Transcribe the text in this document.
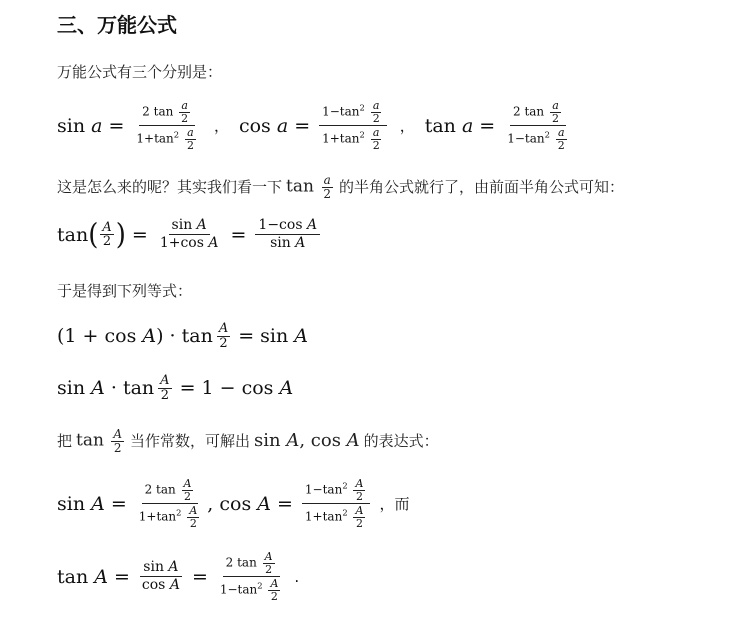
三、万能公式
万能公式有三个分别是：
sin
$a = \frac{2 \tan \frac{a}{2}}{1+\tan^2 \frac{a}{2}}$ ， cos
$a = \frac{1-\tan^2 \frac{a}{2}}{1+\tan^2 \frac{a}{2}}$ ， tan
$a = \frac{2 \tan \frac{a}{2}}{1-\tan^2 \frac{a}{2}}$
这是怎么来的呢？其实我们看一下 $\tan \frac{a}{2}$ 的半角公式就行了，由前面半角公式可知：
tan ( $\frac{A}{2}$ ) = $\frac{\text{sin A}}{\text{1+cos A}} = \frac{\text{1−cos A}}{\text{sin A}}$
于是得到下列等式：
$(1 + \cos A) \cdot \tan \frac{A}{2} = \sin A$
$\sin A \cdot \tan \frac{A}{2} = 1 - \cos A$
把 $\tan \frac{A}{2}$ 当作常数，可解出 sin A, cos A 的表达式：
$\sin A = \frac{2 \tan \frac{A}{2}}{1+\tan^2 \frac{A}{2}}$ , $\cos A = \frac{1-\tan^2 \frac{A}{2}}{1+\tan^2 \frac{A}{2}}$ ，而
$\tan A = \frac{\text{sin A}}{\text{cos A}} = \frac{2 \tan \frac{A}{2}}{1-\tan^2 \frac{A}{2}}$ .
